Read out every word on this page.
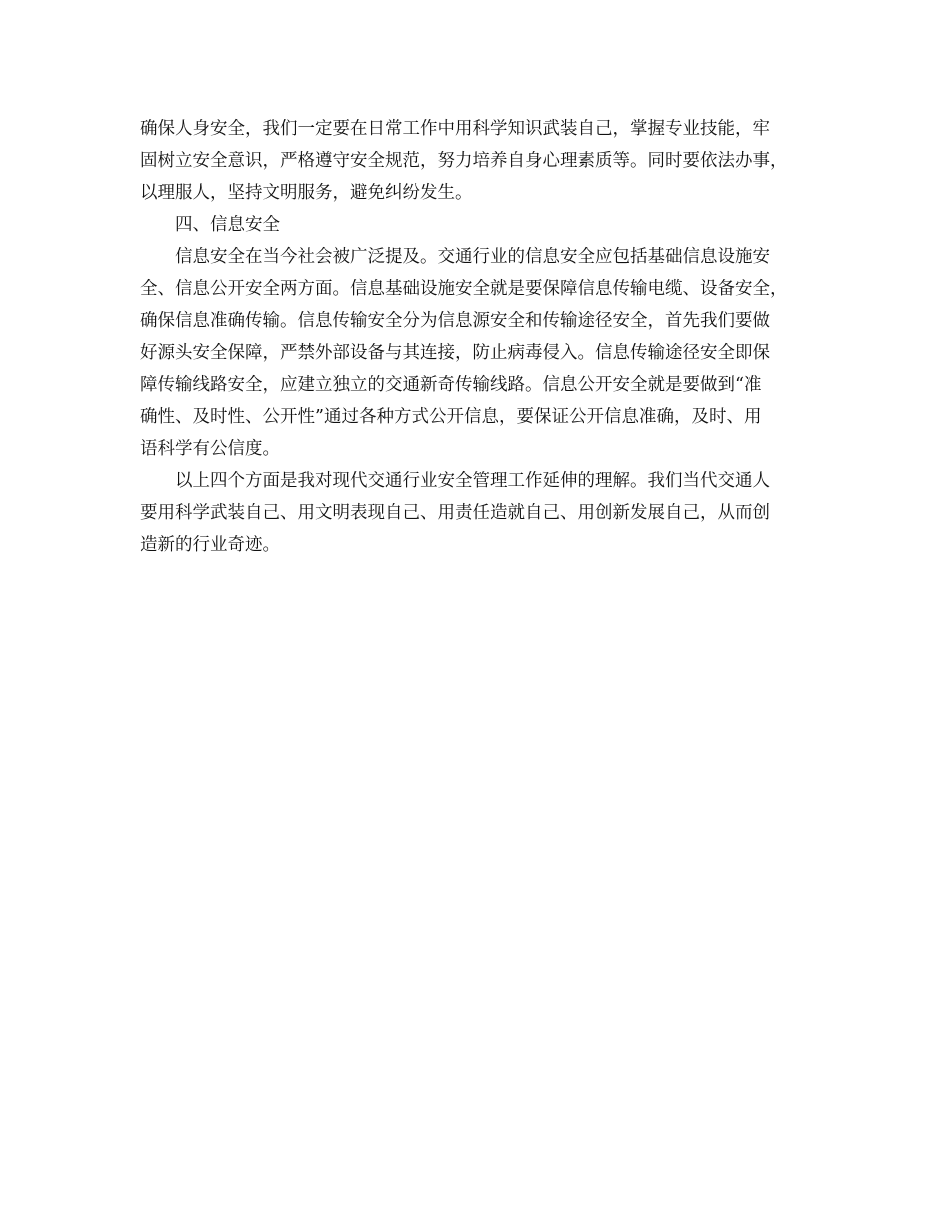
确保人身安全，我们一定要在日常工作中用科学知识武装自己，掌握专业技能，牢
固树立安全意识，严格遵守安全规范，努力培养自身心理素质等。同时要依法办事，
以理服人，坚持文明服务，避免纠纷发生。

四、信息安全

信息安全在当今社会被广泛提及。交通行业的信息安全应包括基础信息设施安
全、信息公开安全两方面。信息基础设施安全就是要保障信息传输电缆、设备安全，
确保信息准确传输。信息传输安全分为信息源安全和传输途径安全，首先我们要做
好源头安全保障，严禁外部设备与其连接，防止病毒侵入。信息传输途径安全即保
障传输线路安全，应建立独立的交通新奇传输线路。信息公开安全就是要做到“准
确性、及时性、公开性”通过各种方式公开信息，要保证公开信息准确，及时、用
语科学有公信度。

以上四个方面是我对现代交通行业安全管理工作延伸的理解。我们当代交通人
要用科学武装自己、用文明表现自己、用责任造就自己、用创新发展自己，从而创
造新的行业奇迹。
